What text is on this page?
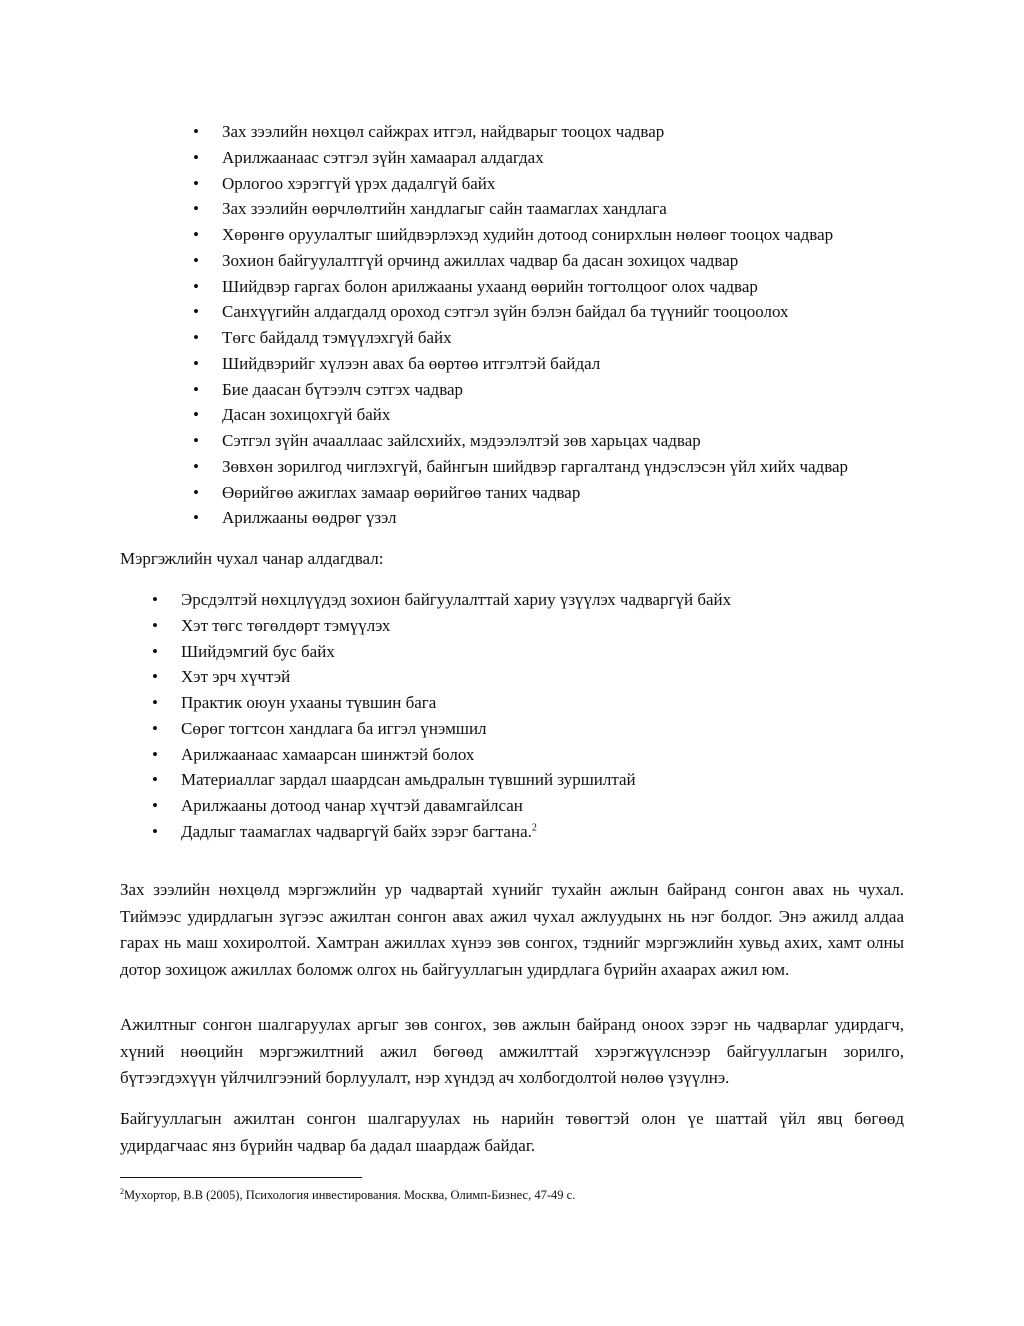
• Зах зээлийн нөхцөл сайжрах итгэл, найдварыг тооцох чадвар
• Арилжаанаас сэтгэл зүйн хамаарал алдагдах
• Орлогоо хэрэггүй үрэх дадалгүй байх
• Зах зээлийн өөрчлөлтийн хандлагыг сайн таамаглах хандлага
• Хөрөнгө оруулалтыг шийдвэрлэхэд худийн дотоод сонирхлын нөлөөг тооцох чадвар
• Зохион байгуулалтгүй орчинд ажиллах чадвар ба дасан зохицох чадвар
• Шийдвэр гаргах болон арилжааны ухаанд өөрийн тогтолцоог олох чадвар
• Санхүүгийн алдагдалд ороход сэтгэл зүйн бэлэн байдал ба түүнийг тооцоолох
• Төгс байдалд тэмүүлэхгүй байх
• Шийдвэрийг хүлээн авах ба өөртөө итгэлтэй байдал
• Бие даасан бүтээлч сэтгэх чадвар
• Дасан зохицохгүй байх
• Сэтгэл зүйн ачааллаас зайлсхийх, мэдээлэлтэй зөв харьцах чадвар
• Зөвхөн зорилгод чиглэхгүй, байнгын шийдвэр гаргалтанд үндэслэсэн үйл хийх чадвар
• Өөрийгөө ажиглах замаар өөрийгөө таних чадвар
• Арилжааны өөдрөг үзэл
Мэргэжлийн чухал чанар алдагдвал:
• Эрсдэлтэй нөхцлүүдэд зохион байгуулалттай хариу үзүүлэх чадваргүй байх
• Хэт төгс төгөлдөрт тэмүүлэх
• Шийдэмгий бус байх
• Хэт эрч хүчтэй
• Практик оюун ухааны түвшин бага
• Сөрөг тогтсон хандлага ба иггэл үнэмшил
• Арилжаанаас хамаарсан шинжтэй болох
• Материаллаг зардал шаардсан амьдралын түвшний зуршилтай
• Арилжааны дотоод чанар хүчтэй давамгайлсан
• Дадлыг таамаглах чадваргүй байх зэрэг багтана.$^2$

Зах зээлийн нөхцөлд мэргэжлийн ур чадвартай хүнийг тухайн ажлын байранд сонгон авах нь чухал. Тиймээс удирдлагын зүгээс ажилтан сонгон авах ажил чухал ажлуудынх нь нэг болдог. Энэ ажилд алдаа гарах нь маш хохиролтой. Хамтран ажиллах хүнээ зөв сонгох, тэднийг мэргэжлийн хувьд ахих, хамт олны дотор зохицож ажиллах боломж олгох нь байгууллагын удирдлага бүрийн ахаарах ажил юм.

Ажилтныг сонгон шалгаруулах аргыг зөв сонгох, зөв ажлын байранд оноох зэрэг нь чадварлаг удирдагч, хүний нөөцийн мэргэжилтний ажил бөгөөд амжилттай хэрэгжүүлснээр байгууллагын зорилго, бүтээгдэхүүн үйлчилгээний борлуулалт, нэр хүндэд ач холбогдолтой нөлөө үзүүлнэ.

Байгууллагын ажилтан сонгон шалгаруулах нь нарийн төвөгтэй олон үе шаттай үйл явц бөгөөд удирдагчаас янз бүрийн чадвар ба дадал шаардаж байдаг.

$^2$Мухортор, В.В (2005), Психология инвестирования. Москва, Олимп-Бизнес, 47-49 с.
